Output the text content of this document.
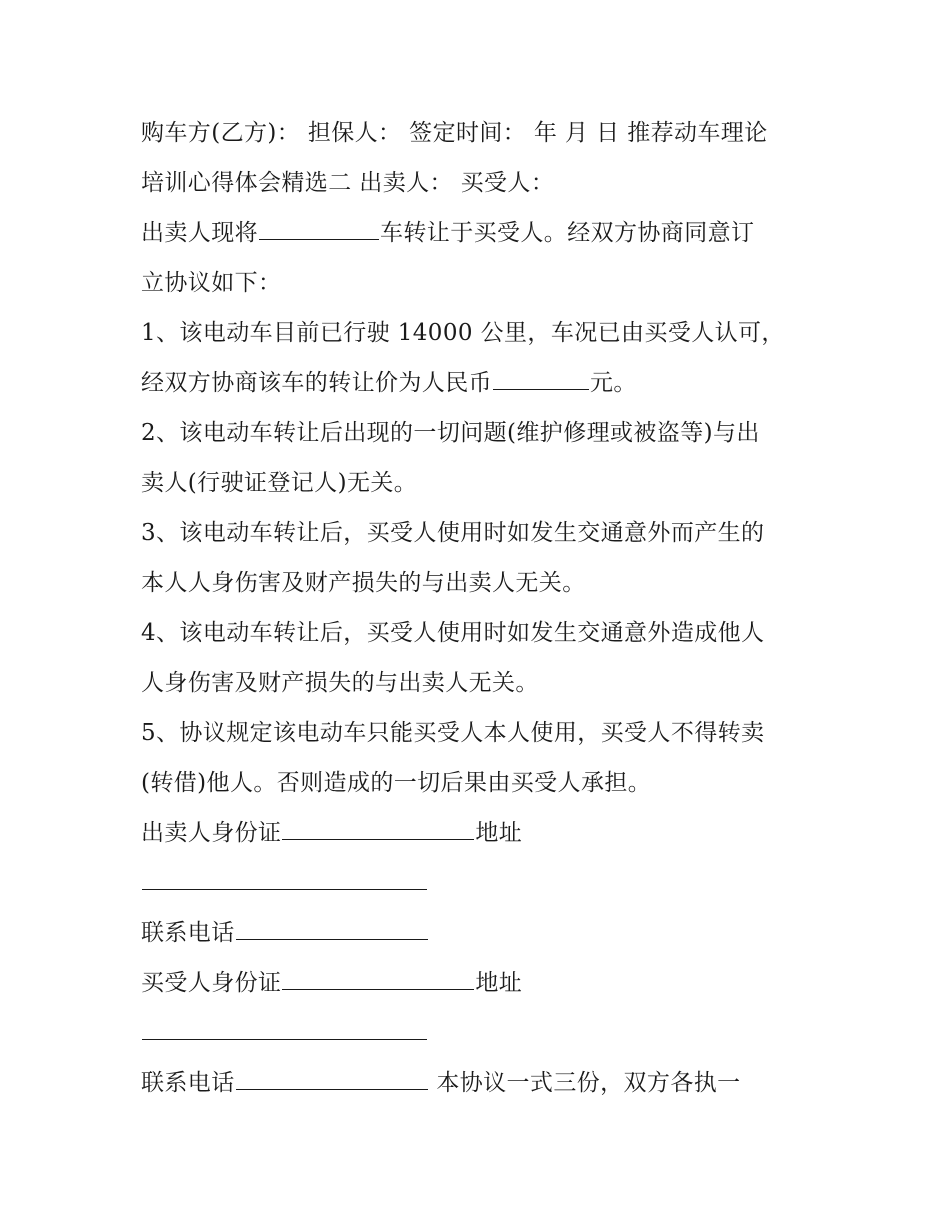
购车方(乙方)： 担保人： 签定时间： 年 月 日 推荐动车理论
培训心得体会精选二 出卖人： 买受人：
出卖人现将	车转让于买受人。经双方协商同意订
立协议如下：
1、该电动车目前已行驶 14000 公里，车况已由买受人认可，
经双方协商该车的转让价为人民币	元。
2、该电动车转让后出现的一切问题(维护修理或被盗等)与出
卖人(行驶证登记人)无关。
3、该电动车转让后，买受人使用时如发生交通意外而产生的
本人人身伤害及财产损失的与出卖人无关。
4、该电动车转让后，买受人使用时如发生交通意外造成他人
人身伤害及财产损失的与出卖人无关。
5、协议规定该电动车只能买受人本人使用，买受人不得转卖
(转借)他人。否则造成的一切后果由买受人承担。
出卖人身份证	地址
联系电话
买受人身份证	地址
联系电话	本协议一式三份，双方各执一
